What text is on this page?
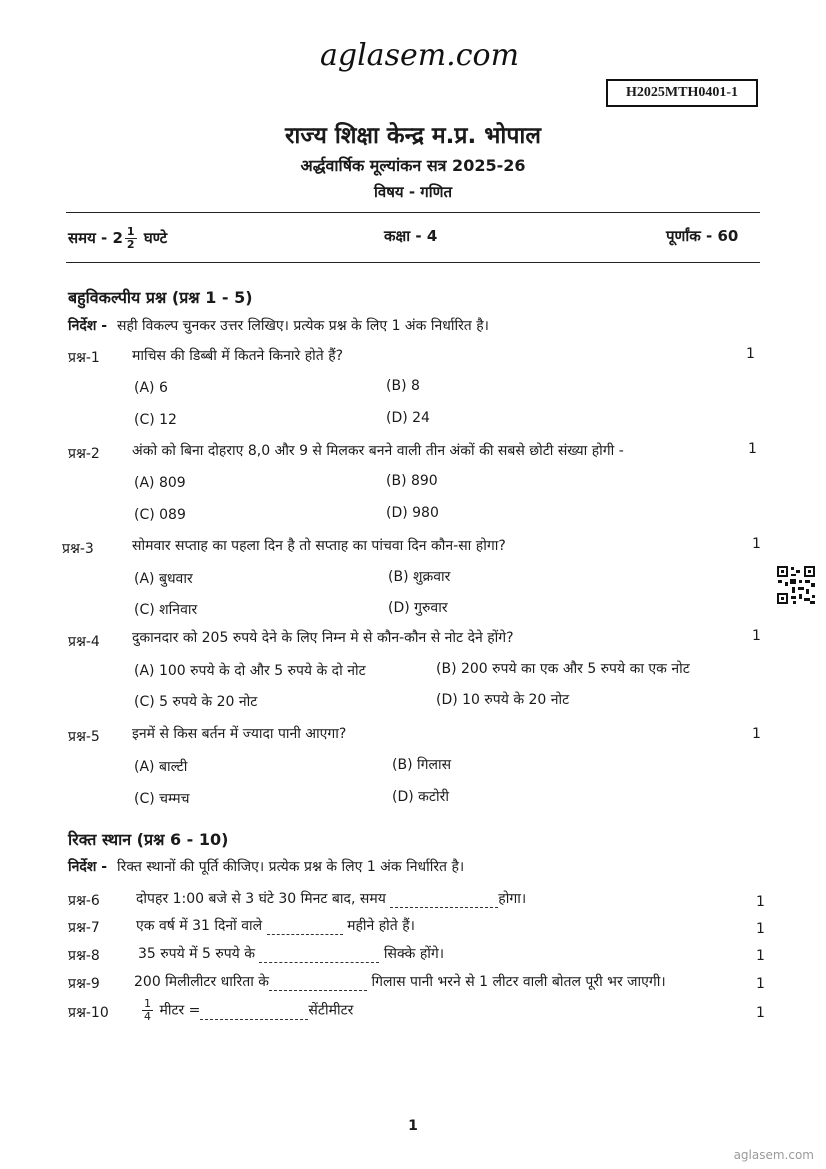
aglasem.com
H2025MTH0401-1
राज्य शिक्षा केन्द्र म.प्र. भोपाल
अर्द्धवार्षिक मूल्यांकन सत्र 2025-26
विषय - गणित
समय - $2 \frac{1}{2}$ घण्टे	कक्षा - 4	पूर्णांक - 60
बहुविकल्पीय प्रश्न (प्रश्न 1 - 5)
निर्देश - सही विकल्प चुनकर उत्तर लिखिए। प्रत्येक प्रश्न के लिए 1 अंक निर्धारित है।
प्रश्न-1 माचिस की डिब्बी में कितने किनारे होते हैं?	1
(A) 6	(B) 8
(C) 12	(D) 24
प्रश्न-2 अंको को बिना दोहराए 8,0 और 9 से मिलकर बनने वाली तीन अंकों की सबसे छोटी संख्या होगी -	1
(A) 809	(B) 890
(C) 089	(D) 980
प्रश्न-3	सोमवार सप्ताह का पहला दिन है तो सप्ताह का पांचवा दिन कौन-सा होगा?	1
(A) बुधवार	(B) शुक्रवार
(C) शनिवार	(D) गुरुवार
प्रश्न-4 दुकानदार को 205 रुपये देने के लिए निम्न मे से कौन-कौन से नोट देने होंगे?	1
(A) 100 रुपये के दो और 5 रुपये के दो नोट	(B) 200 रुपये का एक और 5 रुपये का एक नोट
(C) 5 रुपये के 20 नोट	(D) 10 रुपये के 20 नोट
प्रश्न-5 इनमें से किस बर्तन में ज्यादा पानी आएगा?	1
(A) बाल्टी	(B) गिलास
(C) चम्मच	(D) कटोरी
रिक्त स्थान (प्रश्न 6 - 10)
निर्देश - रिक्त स्थानों की पूर्ति कीजिए। प्रत्येक प्रश्न के लिए 1 अंक निर्धारित है।
प्रश्न-6	दोपहर 1:00 बजे से 3 घंटे 30 मिनट बाद, समय	होगा।	1
प्रश्न-7	एक वर्ष में 31 दिनों वाले	महीने होते हैं।	1
प्रश्न-8	35 रुपये में 5 रुपये के	सिक्के होंगे।	1
प्रश्न-9 200 मिलीलीटर धारिता के	गिलास पानी भरने से 1 लीटर वाली बोतल पूरी भर जाएगी।	1
प्रश्न-10	$\frac{1}{4}$ मीटर =	सेंटीमीटर	1
1
aglasem.com
